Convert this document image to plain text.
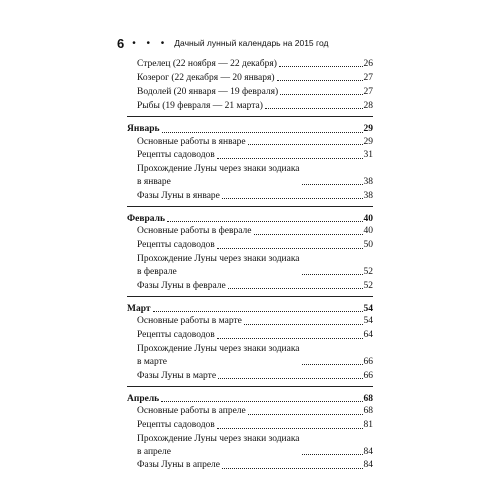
6 • • • Дачный лунный календарь на 2015 год
Стрелец (22 ноября — 22 декабря)	26
Козерог (22 декабря — 20 января)	27
Водолей (20 января — 19 февраля)	27
Рыбы (19 февраля — 21 марта)	28
Январь	29
Основные работы в январе	29
Рецепты садоводов	31
Прохождение Луны через знаки зодиака
в январе	38
Фазы Луны в январе	38
Февраль	40
Основные работы в феврале	40
Рецепты садоводов	50
Прохождение Луны через знаки зодиака
в феврале	52
Фазы Луны в феврале	52
Март	54
Основные работы в марте	54
Рецепты садоводов	64
Прохождение Луны через знаки зодиака
в марте	66
Фазы Луны в марте	66
Апрель	68
Основные работы в апреле	68
Рецепты садоводов	81
Прохождение Луны через знаки зодиака
в апреле	84
Фазы Луны в апреле	84
